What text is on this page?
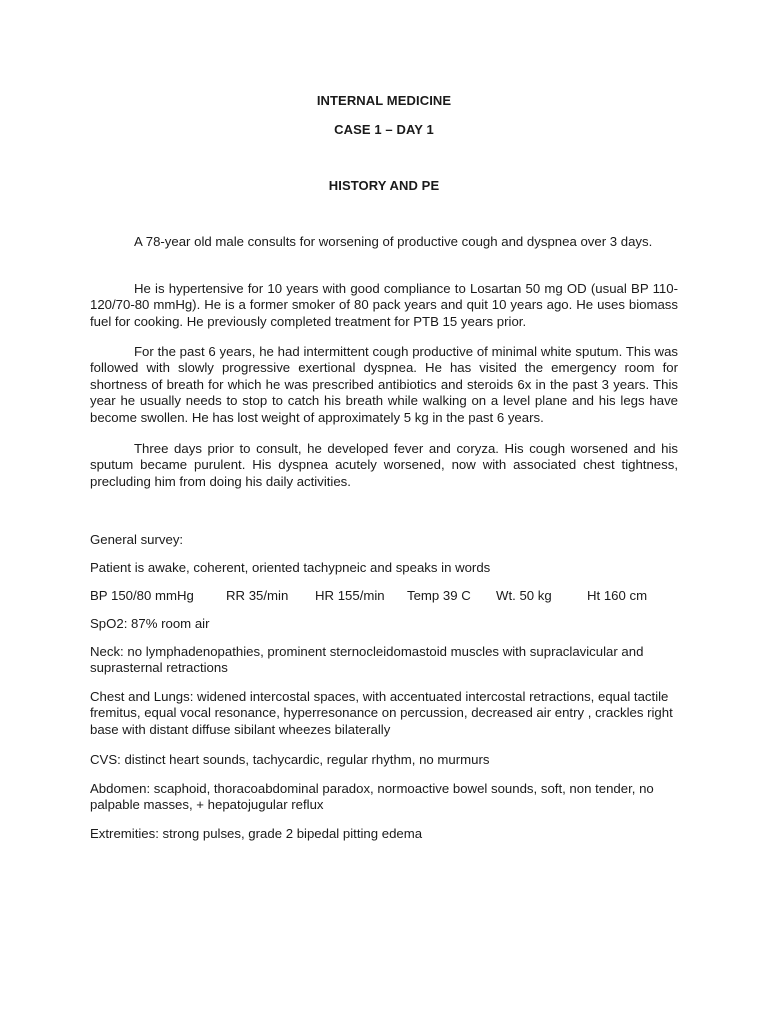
INTERNAL MEDICINE
CASE 1 – DAY 1
HISTORY AND PE

A 78-year old male consults for worsening of productive cough and dyspnea over 3 days.

He is hypertensive for 10 years with good compliance to Losartan 50 mg OD (usual BP 110-120/70-80 mmHg). He is a former smoker of 80 pack years and quit 10 years ago. He uses biomass fuel for cooking. He previously completed treatment for PTB 15 years prior.

For the past 6 years, he had intermittent cough productive of minimal white sputum. This was followed with slowly progressive exertional dyspnea. He has visited the emergency room for shortness of breath for which he was prescribed antibiotics and steroids 6x in the past 3 years. This year he usually needs to stop to catch his breath while walking on a level plane and his legs have become swollen. He has lost weight of approximately 5 kg in the past 6 years.

Three days prior to consult, he developed fever and coryza. His cough worsened and his sputum became purulent. His dyspnea acutely worsened, now with associated chest tightness, precluding him from doing his daily activities.

General survey:

Patient is awake, coherent, oriented tachypneic and speaks in words

BP 150/80 mmHg RR 35/min HR 155/min Temp 39 C Wt. 50 kg	Ht 160 cm

SpO2: 87% room air

Neck: no lymphadenopathies, prominent sternocleidomastoid muscles with supraclavicular and suprasternal retractions

Chest and Lungs: widened intercostal spaces, with accentuated intercostal retractions, equal tactile fremitus, equal vocal resonance, hyperresonance on percussion, decreased air entry , crackles right base with distant diffuse sibilant wheezes bilaterally

CVS: distinct heart sounds, tachycardic, regular rhythm, no murmurs

Abdomen: scaphoid, thoracoabdominal paradox, normoactive bowel sounds, soft, non tender, no palpable masses, + hepatojugular reflux

Extremities: strong pulses, grade 2 bipedal pitting edema
